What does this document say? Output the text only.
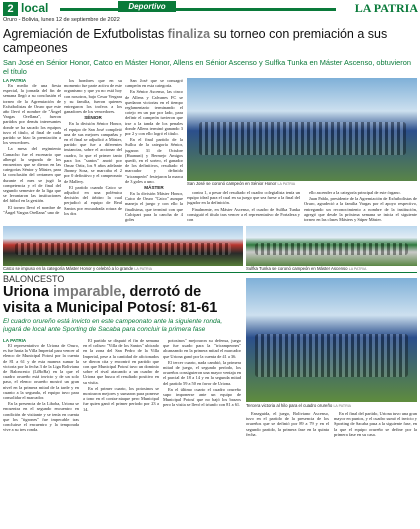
2 local	Deportivo	LA PATRIA
Oruro - Bolivia, lunes 12 de septiembre de 2022
Agremiación de Exfutbolistas finaliza su torneo con premiación a sus campeones
San José en Sénior Honor, Catco en Máster Honor, Allens en Sénior Ascenso y Sulfka Tunka en Máster Ascenso, obtuvieron el título
LA PATRIA

En medio de una fiesta especial, la jornada del fin de semana llegó a su conclusión el torneo de la Agremiación de Exfutbolistas de Oruro que este año llevó el nombre de "Ángel Vargas Orellana", fueron partidos por demás interesantes donde se ha sacado los equipos tuvo el título, al final de cada partido se hizo la premiación a los vencedores.

La mesa del regimiento Camacho fue el escenario que albergó la segunda de los encuentros que se dieron en las categorías Sénior y Máster, para la conclusión del certamen que durante el mes se jugó la competencia y el de final del segundo semestre de la liga que se levantaron las instituciones del fútbol en la gestión.

El torneo llevó el nombre de "Ángel Vargas Orellana" uno de

los hombres que en su momento fue parte activa de este organismo y que ya no está hoy con nosotros, bajo Cesar Vergara y su familia, fueron quienes entregaron los trofeos a los ganadores de los vencedores.

SÉNIOR

En la división Sénior Honor, el equipo de San José completó una de sus mejores campañas y en el final se adjudicó a Máster, partido que fue a diferentes instancias, sobre el accionar del cuadro, lo que el primer tanto para los "santos" anotó por Omar Ortiz, los 9 años adelante Jhonny Sosa, se marcaba el 2 por 0 definitivo y el campeonato de Mallery.

El partido cuando Catco se adjudicó en una polémica decisión del árbitro la cual perjudicó al equipo de Real Santos por encuadrada rotura de los dos

San José que se consagró campeón en esta categoría.

En Sénior Ascenso, las cinco de Allens y Calvanes FC se quedaron victorias en el tiempo reglamentario terminando el cotejo en un par por lado, para definir el campeón tuvieron que irse a la tanda de los penales donde Allens terminó ganando 3 por 2 y con ello logró el título.

En el final partido de la Sullca de la categoría Sénior, jugaron 31 de Octubre (Huanuni) y Bermejo Amigos quedó, en el sorteo, el ganador de los definitivos, resultado el marcador y definido "tricampeón" festejaron la marca de 3 goles a uno.

MÁSTER

En la división Máster Honor, Catco de Oruro "Catco" aunque maneja el juego y con ello la finalísima, que terminó con que Calcipart para la cancha de 4 goles

San José se coronó campeón en Sénior Honor LA PATRIA

contra 1, a pesar del resultado el cuadro colegialista tenía un equipo ideal para el cual en su juego que sea fuese a la final del jugador en la definición.

Finalmente, en Máster Ascenso, el cuadro de Sulfka Tunka consiguió el título tras vencer a el representativo de Fortaleza y con

ello ascender a la categoría principal de este órgano.

Juan Pablo, presidente de la Agremiación de Exfutbolistas de Oruro, agradeció a la familia Vargas por el apoyo respectivo, entregando un reconocimiento a nombre de la institución, agregó que desde la próxima semana se inicia el siguiente torneo en las clases Másters y Súper Máster.

Catco se impuso en la categoría Máster Honor y celebró a lo grande LA PATRIA	Sulfka Tunka se coronó campeón en Máster Ascenso LA PATRIA
BALONCESTO
Uriona imparable, derrotó de visita a Municipal Potosí: 81-61
El cuadro orureño está invicto en este campeonato ante la siguiente ronda, jugará de local ante Sporting de Sacaba para concluir la primera fase
LA PATRIA

El representativo de Uriona de Oruro, es fue hasta la Villa Imperial para vencer al elenco de Municipal Potosí por la cuenta de 81 a 61 y de esta manera sumar la victoria por la fecha 3 de la Liga Boliviana de Baloncesto (LiBoBa) en la que el cuadro orureño está invicto y de un solo paso, el elenco orureño mostró un gran nivel en la primera mitad de la tarde y en cuanto a la segunda, el equipo tuvo para consolidar el marcador.

En la presencia de la Liboba, Uriona se encuentra en el segundo encuentro en condición de visitante y se tenía en cuenta que los "tigrones" fue impecable tras concluirse el encuentro y la temporada vive a su tres ronda.

El partido se disputó el fin de semana en el coliseo "Villa de los Santos" ubicado en la zona del San Pedro de la Villa Imperial, pese a la cantidad de aficionados se dieron cita y encontró en partido que con que Municipal Potosí tuvo un dominio sobre el rival atacando a un cuadro de Uriona que busca el resultado positivo en su visita.

En el primer cuarto, los potosinos se mostraron mejores y sumaron para ponerse a tono en el contra-ataque pero Municipal fue quien ganó el primer período por 23 a 14.

potosinos" mejoraron su defensa, juego que fue usado para la "tricampeones" alcanzando en la primera mitad el marcador que Uriona ganó por la cuenta de 41 a 36.

El tercer cuarto, nada cambió, la primera mitad de juego, el segundo período, los orureños consiguieron una mayor ventaja en el parcial de 18 a 14 y en la segunda mitad del partido 59 a 50 en favor de Uriona.

En el último cuarto el cuadro orureño supo imponerse ante un equipo de Municipal Potosí que no bajó los brazos pero la visita se llevó el triunfo con 81 a 61. Tercera victoria al hilo para el cuadro orureño LA PATRIA

Enseguida, el juego, Boliviano Ascenso, tuvo en el partido de la presencia de los orureños que se definió por 89 a 79 y en el segundo partido, la primera fase en la quinta fecha.

En el final del partido, Uriona tuvo una gran mayor en puntos, y el cuadro sumó el invicto y Sporting de Sacaba pasa a la siguiente fase, en la que el equipo orureño se define por la primera fase en su casa.
